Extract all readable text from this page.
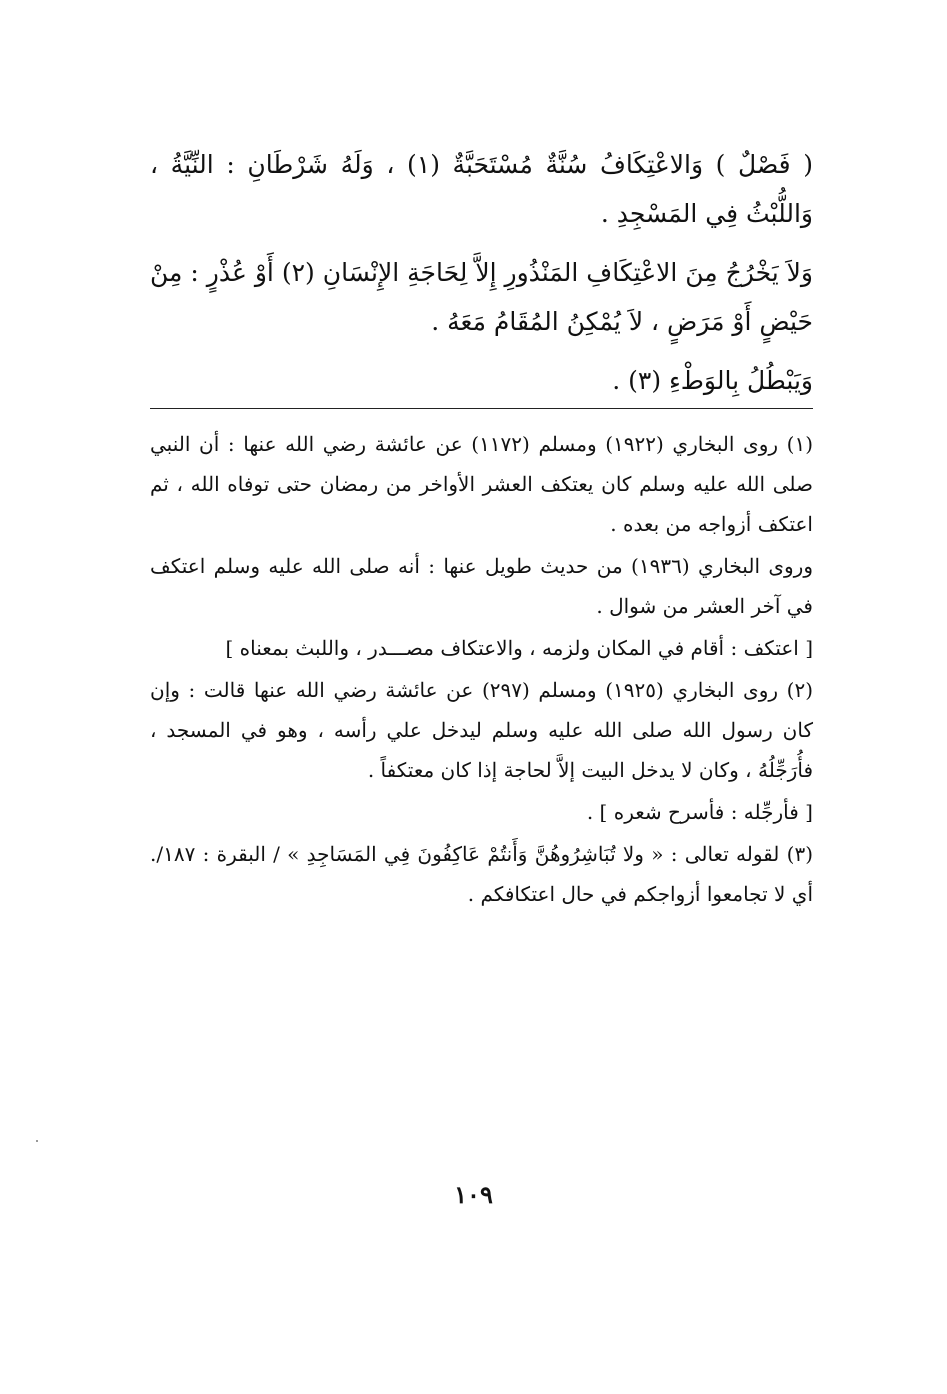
( فَصْلٌ ) وَالاعْتِكَافُ سُنَّةٌ مُسْتَحَبَّةٌ (١) ، وَلَهُ شَرْطَانِ : النِّيَّةُ ، وَاللُّبْثُ فِي المَسْجِدِ .

وَلاَ يَخْرُجُ مِنَ الاعْتِكَافِ المَنْذُورِ إِلاَّ لِحَاجَةِ الإِنْسَانِ (٢) أَوْ عُذْرٍ : مِنْ حَيْضٍ أَوْ مَرَضٍ ، لاَ يُمْكِنُ المُقَامُ مَعَهُ .

وَيَبْطُلُ بِالوَطْءِ (٣) .

(١) روى البخاري (١٩٢٢) ومسلم (١١٧٢) عن عائشة رضي الله عنها : أن النبي صلى الله عليه وسلم كان يعتكف العشر الأواخر من رمضان حتى توفاه الله ، ثم اعتكف أزواجه من بعده .

وروى البخاري (١٩٣٦) من حديث طويل عنها : أنه صلى الله عليه وسلم اعتكف في آخر العشر من شوال .

[ اعتكف : أقام في المكان ولزمه ، والاعتكاف مصـــدر ، واللبث بمعناه ]

(٢) روى البخاري (١٩٢٥) ومسلم (٢٩٧) عن عائشة رضي الله عنها قالت : وإن كان رسول الله صلى الله عليه وسلم ليدخل علي رأسه ، وهو في المسجد ، فأُرَجِّلُهُ ، وكان لا يدخل البيت إلاَّ لحاجة إذا كان معتكفاً .

[ فأرجِّله : فأسرح شعره ] .

(٣) لقوله تعالى : « ولا تُبَاشِرُوهُنَّ وَأَنتُمْ عَاكِفُونَ فِي المَسَاجِدِ » / البقرة : ١٨٧/. أي لا تجامعوا أزواجكم في حال اعتكافكم .

١٠٩
